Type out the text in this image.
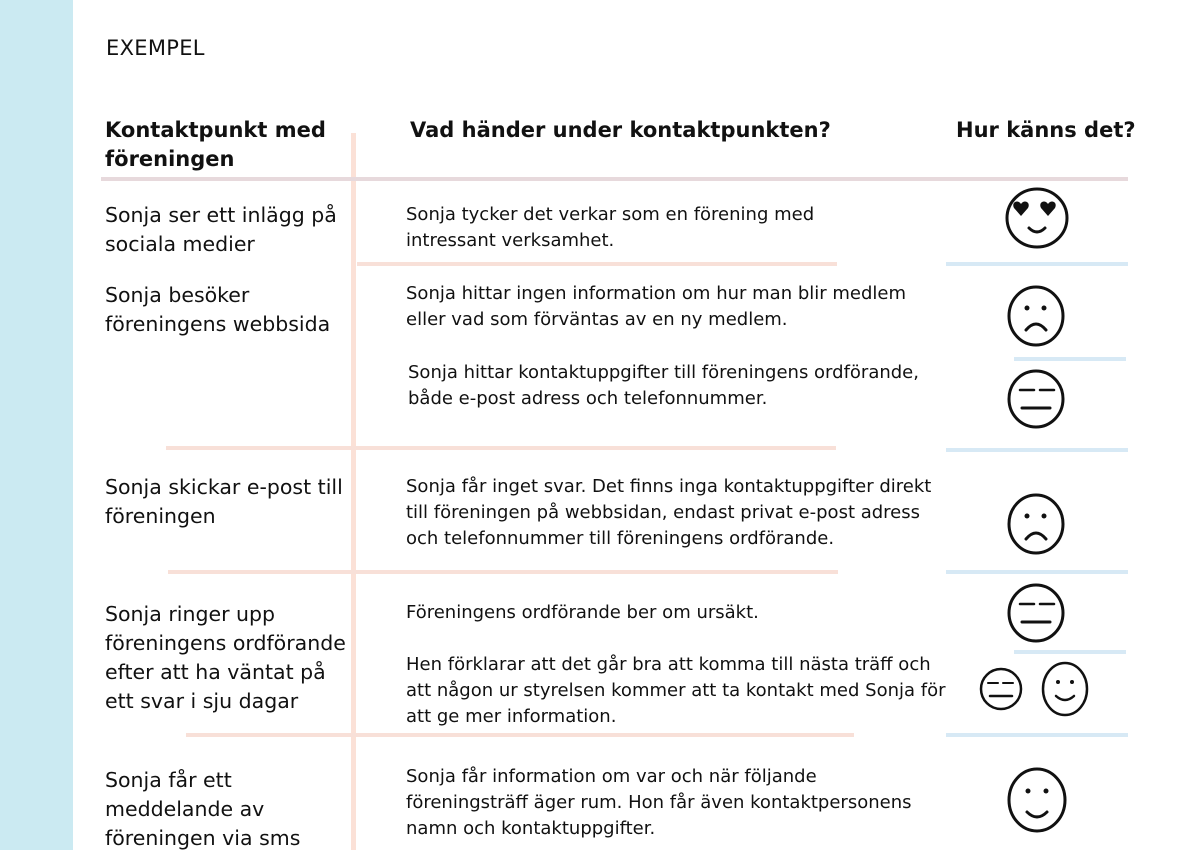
EXEMPEL
Kontaktpunkt med föreningen
Vad händer under kontaktpunkten?	Hur känns det?
Sonja ser ett inlägg på sociala medier
Sonja tycker det verkar som en förening med intressant verksamhet.
Sonja besöker föreningens webbsida
Sonja hittar ingen information om hur man blir medlem eller vad som förväntas av en ny medlem.
Sonja hittar kontaktuppgifter till föreningens ordförande, både e-post adress och telefonnummer.
Sonja skickar e-post till föreningen
Sonja får inget svar. Det finns inga kontaktuppgifter direkt till föreningen på webbsidan, endast privat e-post adress och telefonnummer till föreningens ordförande.
Sonja ringer upp föreningens ordförande efter att ha väntat på ett svar i sju dagar
Föreningens ordförande ber om ursäkt.
Hen förklarar att det går bra att komma till nästa träff och att någon ur styrelsen kommer att ta kontakt med Sonja för att ge mer information.
Sonja får ett meddelande av föreningen via sms
Sonja får information om var och när följande föreningsträff äger rum. Hon får även kontaktpersonens namn och kontaktuppgifter.
